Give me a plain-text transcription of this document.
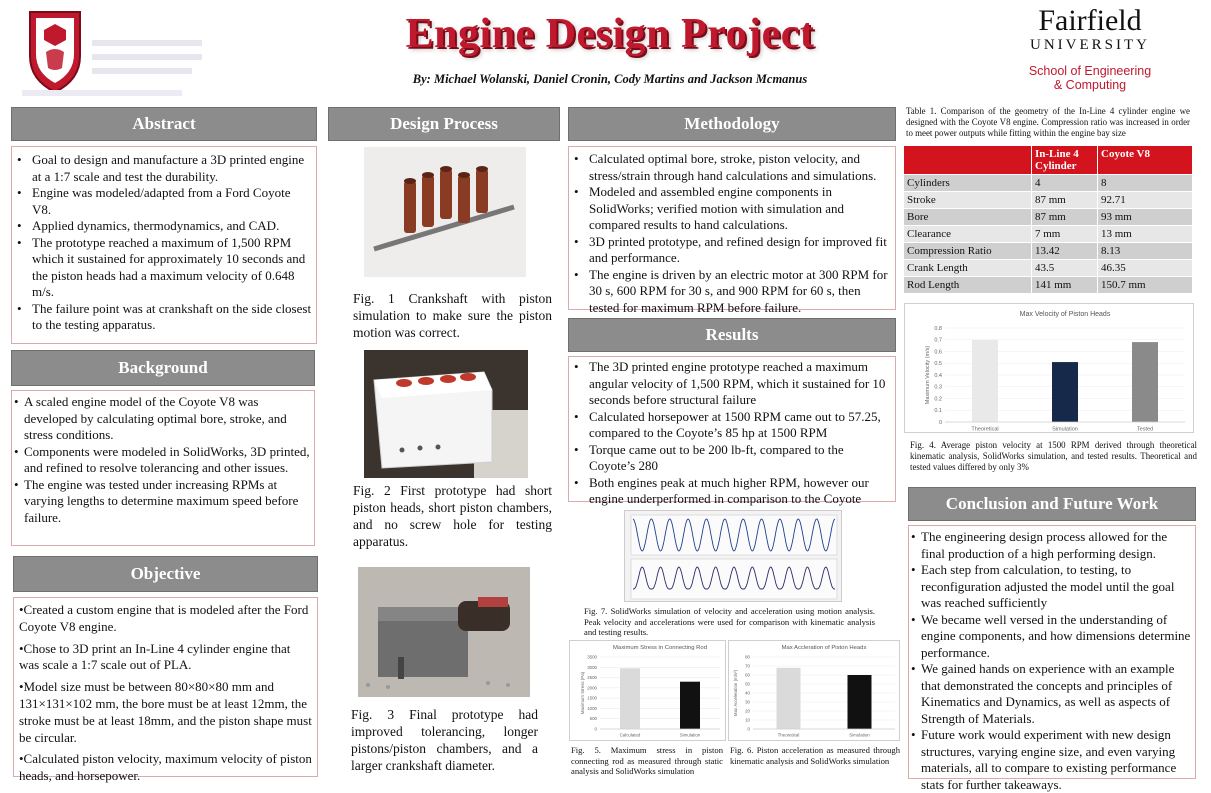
Engine Design Project
By: Michael Wolanski, Daniel Cronin, Cody Martins and Jackson Mcmanus
Fairfield
UNIVERSITY
School of Engineering
& Computing
Abstract
• Goal to design and manufacture a 3D printed engine at a 1:7 scale and test the durability.
• Engine was modeled/adapted from a Ford Coyote V8.
• Applied dynamics, thermodynamics, and CAD.
• The prototype reached a maximum of 1,500 RPM which it sustained for approximately 10 seconds and the piston heads had a maximum velocity of 0.648 m/s.
• The failure point was at crankshaft on the side closest to the testing apparatus.
Background
• A scaled engine model of the Coyote V8 was developed by calculating optimal bore, stroke, and stress conditions.
• Components were modeled in SolidWorks, 3D printed, and refined to resolve tolerancing and other issues.
• The engine was tested under increasing RPMs at varying lengths to determine maximum speed before failure.
Objective

•Created a custom engine that is modeled after the Ford Coyote V8 engine.

•Chose to 3D print an In-Line 4 cylinder engine that was scale a 1:7 scale out of PLA.

•Model size must be between 80×80×80 mm and 131×131×102 mm, the bore must be at least 12mm, the stroke must be at least 18mm, and the piston shape must be circular.

•Calculated piston velocity, maximum velocity of piston heads, and horsepower.

Design Process
Fig. 1 Crankshaft with piston simulation to make sure the piston motion was correct.
Fig. 2 First prototype had short piston heads, short piston chambers, and no screw hole for testing apparatus.
Fig. 3 Final prototype had improved tolerancing, longer pistons/piston chambers, and a larger crankshaft diameter.
Methodology
• Calculated optimal bore, stroke, piston velocity, and stress/strain through hand calculations and simulations.
• Modeled and assembled engine components in SolidWorks; verified motion with simulation and compared results to hand calculations.
• 3D printed prototype, and refined design for improved fit and performance.
• The engine is driven by an electric motor at 300 RPM for 30 s, 600 RPM for 30 s, and 900 RPM for 60 s, then tested for maximum RPM before failure.
Results
• The 3D printed engine prototype reached a maximum angular velocity of 1,500 RPM, which it sustained for 10 seconds before structural failure
• Calculated horsepower at 1500 RPM came out to 57.25, compared to the Coyote’s 85 hp at 1500 RPM
• Torque came out to be 200 lb-ft, compared to the Coyote’s 280
• Both engines peak at much higher RPM, however our engine underperformed in comparison to the Coyote
Fig. 7. SolidWorks simulation of velocity and acceleration using motion analysis. Peak velocity and accelerations were used for comparison with kinematic analysis and testing results.
Maximum Stress in Connecting Rod
0
500
1000
1500
2000
2500
3000
3500
Maximum Stress (Pa)
Calculated	Simulation
Fig. 5. Maximum stress in piston connecting rod as measured through static analysis and SolidWorks simulation
Max Accleration of Piston Heads
0
10
20
30
40
50
60
70
80
Max Acceleration (m/s²)
Theoretical	Simulation
Fig. 6. Piston acceleration as measured through kinematic analysis and SolidWorks simulation
Table 1. Comparison of the geometry of the In-Line 4 cylinder engine we designed with the Coyote V8 engine. Compression ratio was increased in order to meet power outputs while fitting within the engine bay size
	In-Line 4 Cylinder	Coyote V8
Cylinders	4	8
Stroke	87 mm	92.71
Bore	87 mm	93 mm
Clearance	7 mm	13 mm
Compression Ratio	13.42	8.13
Crank Length	43.5	46.35
Rod Length	141 mm	150.7 mm
Max Velocity of Piston Heads
0
0.1
0.2
0.3
0.4
0.5
0.6
0.7
0.8
Maximum Velocity (m/s)
Theoretical	Simulation	Tested
Fig. 4. Average piston velocity at 1500 RPM derived through theoretical kinematic analysis, SolidWorks simulation, and tested results. Theoretical and tested values differed by only 3%
Conclusion and Future Work
• The engineering design process allowed for the final production of a high performing design.
• Each step from calculation, to testing, to reconfiguration adjusted the model until the goal was reached sufficiently
• We became well versed in the understanding of engine components, and how dimensions determine performance.
• We gained hands on experience with an example that demonstrated the concepts and principles of Kinematics and Dynamics, as well as aspects of Strength of Materials.
• Future work would experiment with new design structures, varying engine size, and even varying materials, all to compare to existing performance stats for further takeaways.
